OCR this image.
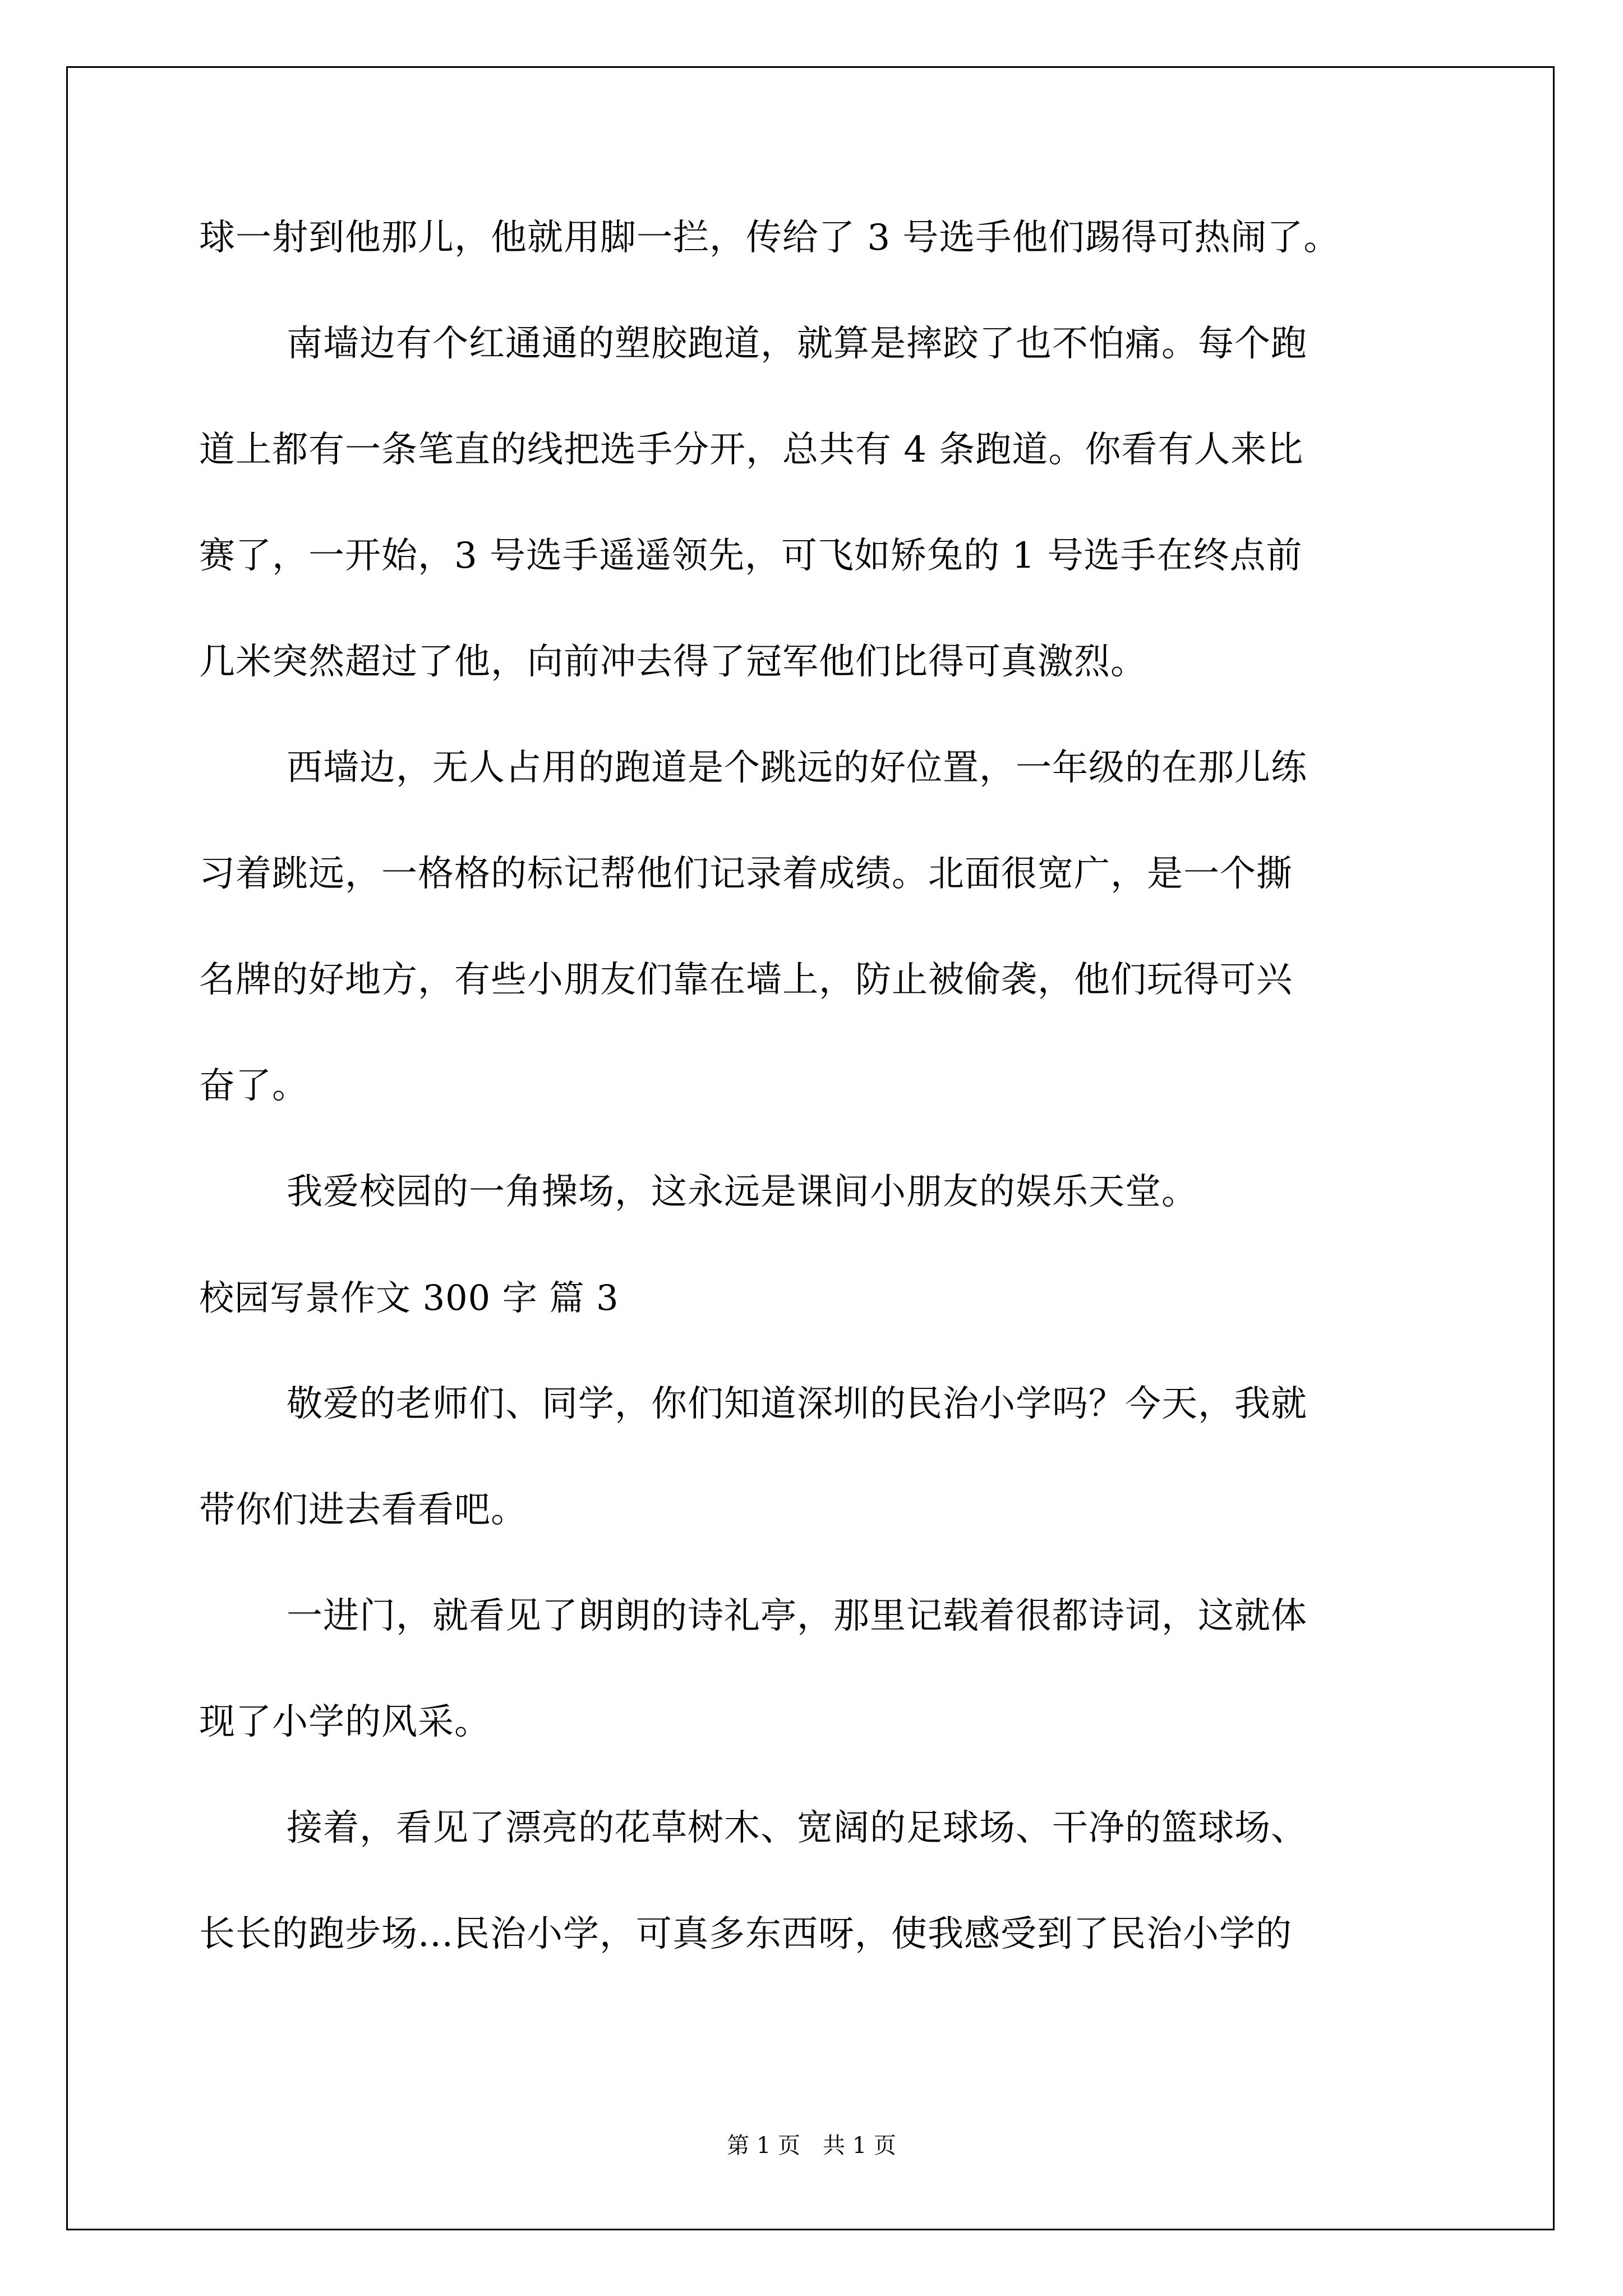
球一射到他那儿，他就用脚一拦，传给了 3 号选手他们踢得可热闹了。
南墙边有个红通通的塑胶跑道，就算是摔跤了也不怕痛。每个跑
道上都有一条笔直的线把选手分开，总共有 4 条跑道。你看有人来比
赛了，一开始，3 号选手遥遥领先，可飞如矫兔的 1 号选手在终点前
几米突然超过了他，向前冲去得了冠军他们比得可真激烈。
西墙边，无人占用的跑道是个跳远的好位置，一年级的在那儿练
习着跳远，一格格的标记帮他们记录着成绩。北面很宽广，是一个撕
名牌的好地方，有些小朋友们靠在墙上，防止被偷袭，他们玩得可兴
奋了。
我爱校园的一角操场，这永远是课间小朋友的娱乐天堂。
校园写景作文 300 字 篇 3
敬爱的老师们、同学，你们知道深圳的民治小学吗？今天，我就
带你们进去看看吧。
一进门，就看见了朗朗的诗礼亭，那里记载着很都诗词，这就体
现了小学的风采。
接着，看见了漂亮的花草树木、宽阔的足球场、干净的篮球场、
长长的跑步场...民治小学，可真多东西呀，使我感受到了民治小学的
第 1 页　共 1 页
